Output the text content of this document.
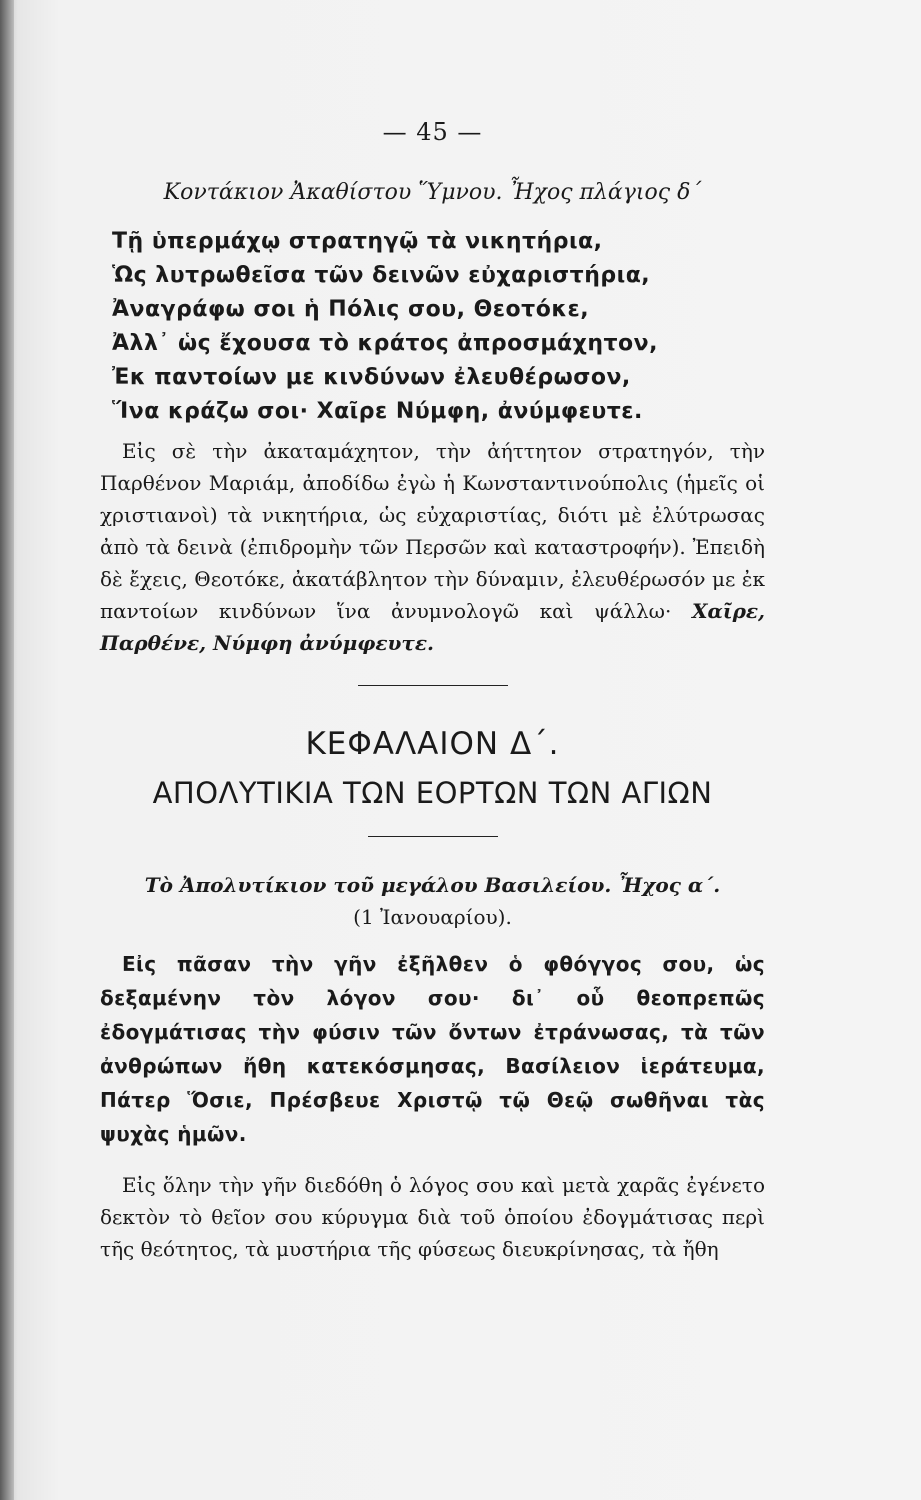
— 45 —
Κοντάκιον Ἀκαθίστου Ὕμνου. Ἦχος πλάγιος δ΄
Τῇ ὑπερμάχῳ στρατηγῷ τὰ νικητήρια,
Ὡς λυτρωθεῖσα τῶν δεινῶν εὐχαριστήρια,
Ἀναγράφω σοι ἡ Πόλις σου, Θεοτόκε,
Ἀλλ᾿ ὡς ἔχουσα τὸ κράτος ἀπροσμάχητον,
Ἐκ παντοίων με κινδύνων ἐλευθέρωσον,
Ἵνα κράζω σοι· Χαῖρε Νύμφη, ἀνύμφευτε.

Εἰς σὲ τὴν ἀκαταμάχητον, τὴν ἀήττητον στρατηγόν, τὴν Παρθένον Μαριάμ, ἀποδίδω ἐγὼ ἡ Κωνσταντινούπολις (ἡμεῖς οἱ χριστιανοὶ) τὰ νικητήρια, ὡς εὐχαριστίας, διότι μὲ ἐλύτρωσας ἀπὸ τὰ δεινὰ (ἐπιδρομὴν τῶν Περσῶν καὶ καταστροφήν). Ἐπειδὴ δὲ ἔχεις, Θεοτόκε, ἀκατάβλητον τὴν δύναμιν, ἐλευθέρωσόν με ἐκ παντοίων κινδύνων ἵνα ἀνυμνολογῶ καὶ ψάλλω· Χαῖρε, Παρθένε, Νύμφη ἀνύμφευτε.

ΚΕΦΑΛΑΙΟΝ Δ΄.
ΑΠΟΛΥΤΙΚΙΑ ΤΩΝ ΕΟΡΤΩΝ ΤΩΝ ΑΓΙΩΝ
Τὸ Ἀπολυτίκιον τοῦ μεγάλου Βασιλείου. Ἦχος α΄.
(1 Ἰανουαρίου).

Εἰς πᾶσαν τὴν γῆν ἐξῆλθεν ὁ φθόγγος σου, ὡς δεξαμένην τὸν λόγον σου· δι᾿ οὗ θεοπρεπῶς ἐδογμάτισας τὴν φύσιν τῶν ὄντων ἐτράνωσας, τὰ τῶν ἀνθρώπων ἤθη κατεκόσμησας, Βασίλειον ἱεράτευμα, Πάτερ Ὅσιε, Πρέσβευε Χριστῷ τῷ Θεῷ σωθῆναι τὰς ψυχὰς ἡμῶν.

Εἰς ὅλην τὴν γῆν διεδόθη ὁ λόγος σου καὶ μετὰ χαρᾶς ἐγένετο δεκτὸν τὸ θεῖον σου κύρυγμα διὰ τοῦ ὁποίου ἐδογμάτισας περὶ τῆς θεότητος, τὰ μυστήρια τῆς φύσεως διευκρίνησας, τὰ ἤθη
